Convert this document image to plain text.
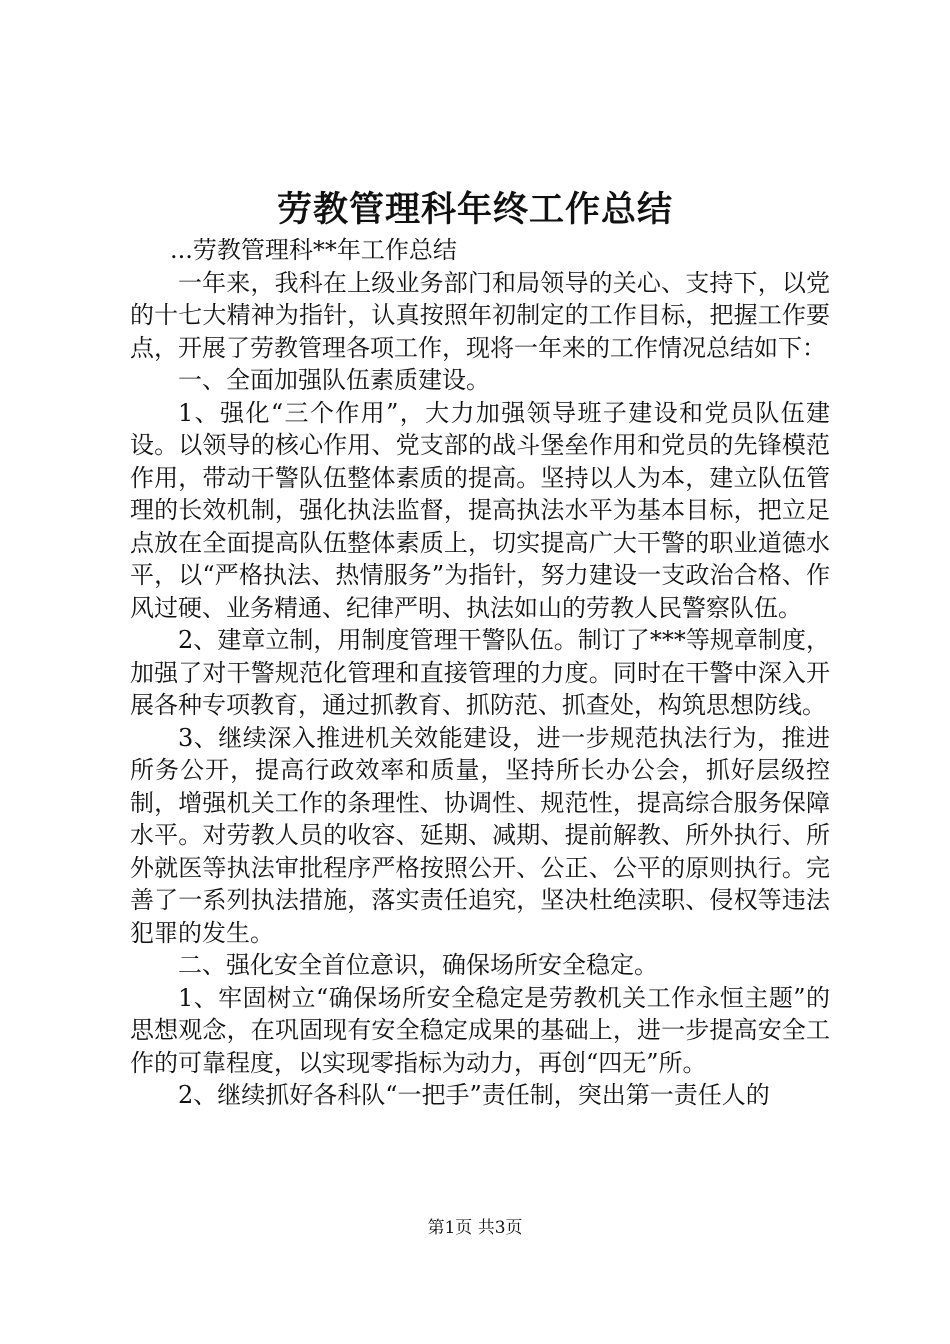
劳教管理科年终工作总结

...劳教管理科**年工作总结

一年来，我科在上级业务部门和局领导的关心、支持下，以党的十七大精神为指针，认真按照年初制定的工作目标，把握工作要点，开展了劳教管理各项工作，现将一年来的工作情况总结如下：

一、全面加强队伍素质建设。

1、强化“三个作用”，大力加强领导班子建设和党员队伍建设。以领导的核心作用、党支部的战斗堡垒作用和党员的先锋模范作用，带动干警队伍整体素质的提高。坚持以人为本，建立队伍管理的长效机制，强化执法监督，提高执法水平为基本目标，把立足点放在全面提高队伍整体素质上，切实提高广大干警的职业道德水平，以“严格执法、热情服务”为指针，努力建设一支政治合格、作风过硬、业务精通、纪律严明、执法如山的劳教人民警察队伍。

2、建章立制，用制度管理干警队伍。制订了***等规章制度，加强了对干警规范化管理和直接管理的力度。同时在干警中深入开展各种专项教育，通过抓教育、抓防范、抓查处，构筑思想防线。

3、继续深入推进机关效能建设，进一步规范执法行为，推进所务公开，提高行政效率和质量，坚持所长办公会，抓好层级控制，增强机关工作的条理性、协调性、规范性，提高综合服务保障水平。对劳教人员的收容、延期、减期、提前解教、所外执行、所外就医等执法审批程序严格按照公开、公正、公平的原则执行。完善了一系列执法措施，落实责任追究，坚决杜绝渎职、侵权等违法犯罪的发生。

二、强化安全首位意识，确保场所安全稳定。

1、牢固树立“确保场所安全稳定是劳教机关工作永恒主题”的思想观念，在巩固现有安全稳定成果的基础上，进一步提高安全工作的可靠程度，以实现零指标为动力，再创“四无”所。

2、继续抓好各科队“一把手”责任制，突出第一责任人的

第1页 共3页
